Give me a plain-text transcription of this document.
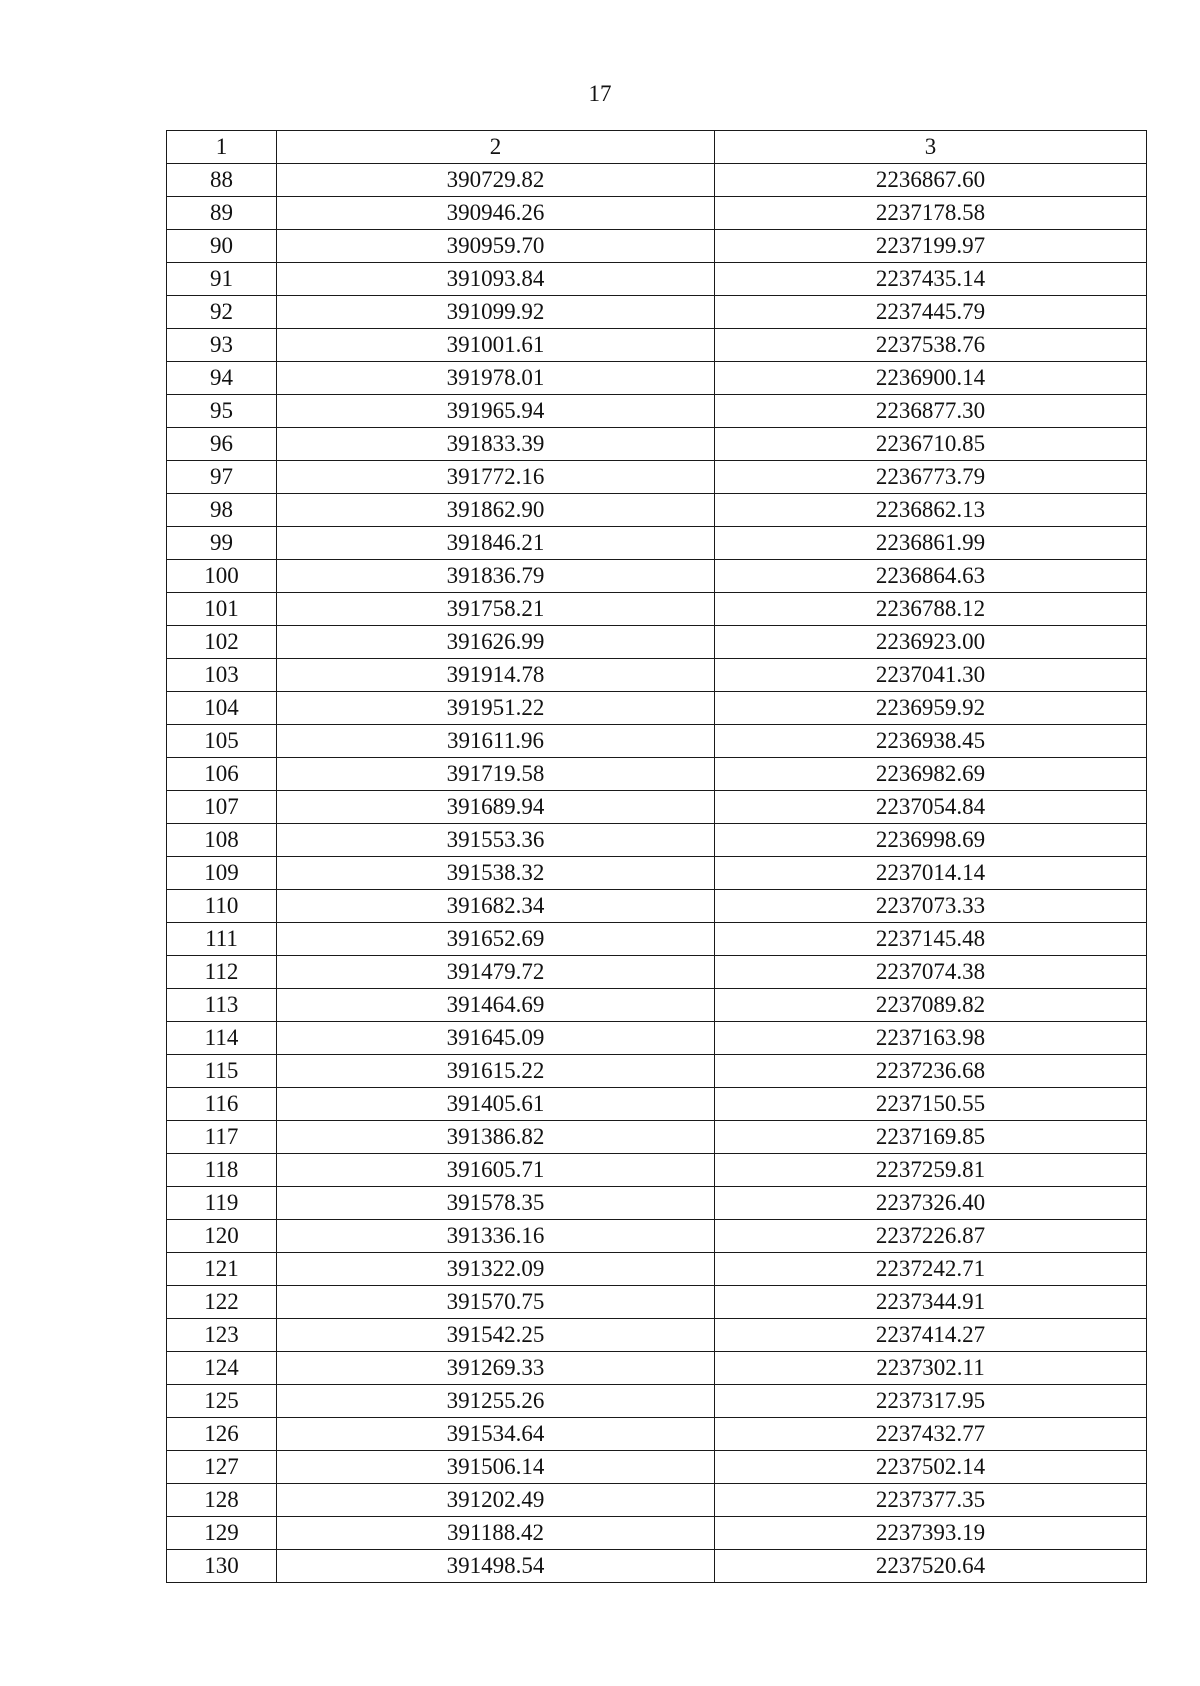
17
1	2	3
88	390729.82	2236867.60
89	390946.26	2237178.58
90	390959.70	2237199.97
91	391093.84	2237435.14
92	391099.92	2237445.79
93	391001.61	2237538.76
94	391978.01	2236900.14
95	391965.94	2236877.30
96	391833.39	2236710.85
97	391772.16	2236773.79
98	391862.90	2236862.13
99	391846.21	2236861.99
100	391836.79	2236864.63
101	391758.21	2236788.12
102	391626.99	2236923.00
103	391914.78	2237041.30
104	391951.22	2236959.92
105	391611.96	2236938.45
106	391719.58	2236982.69
107	391689.94	2237054.84
108	391553.36	2236998.69
109	391538.32	2237014.14
110	391682.34	2237073.33
111	391652.69	2237145.48
112	391479.72	2237074.38
113	391464.69	2237089.82
114	391645.09	2237163.98
115	391615.22	2237236.68
116	391405.61	2237150.55
117	391386.82	2237169.85
118	391605.71	2237259.81
119	391578.35	2237326.40
120	391336.16	2237226.87
121	391322.09	2237242.71
122	391570.75	2237344.91
123	391542.25	2237414.27
124	391269.33	2237302.11
125	391255.26	2237317.95
126	391534.64	2237432.77
127	391506.14	2237502.14
128	391202.49	2237377.35
129	391188.42	2237393.19
130	391498.54	2237520.64
